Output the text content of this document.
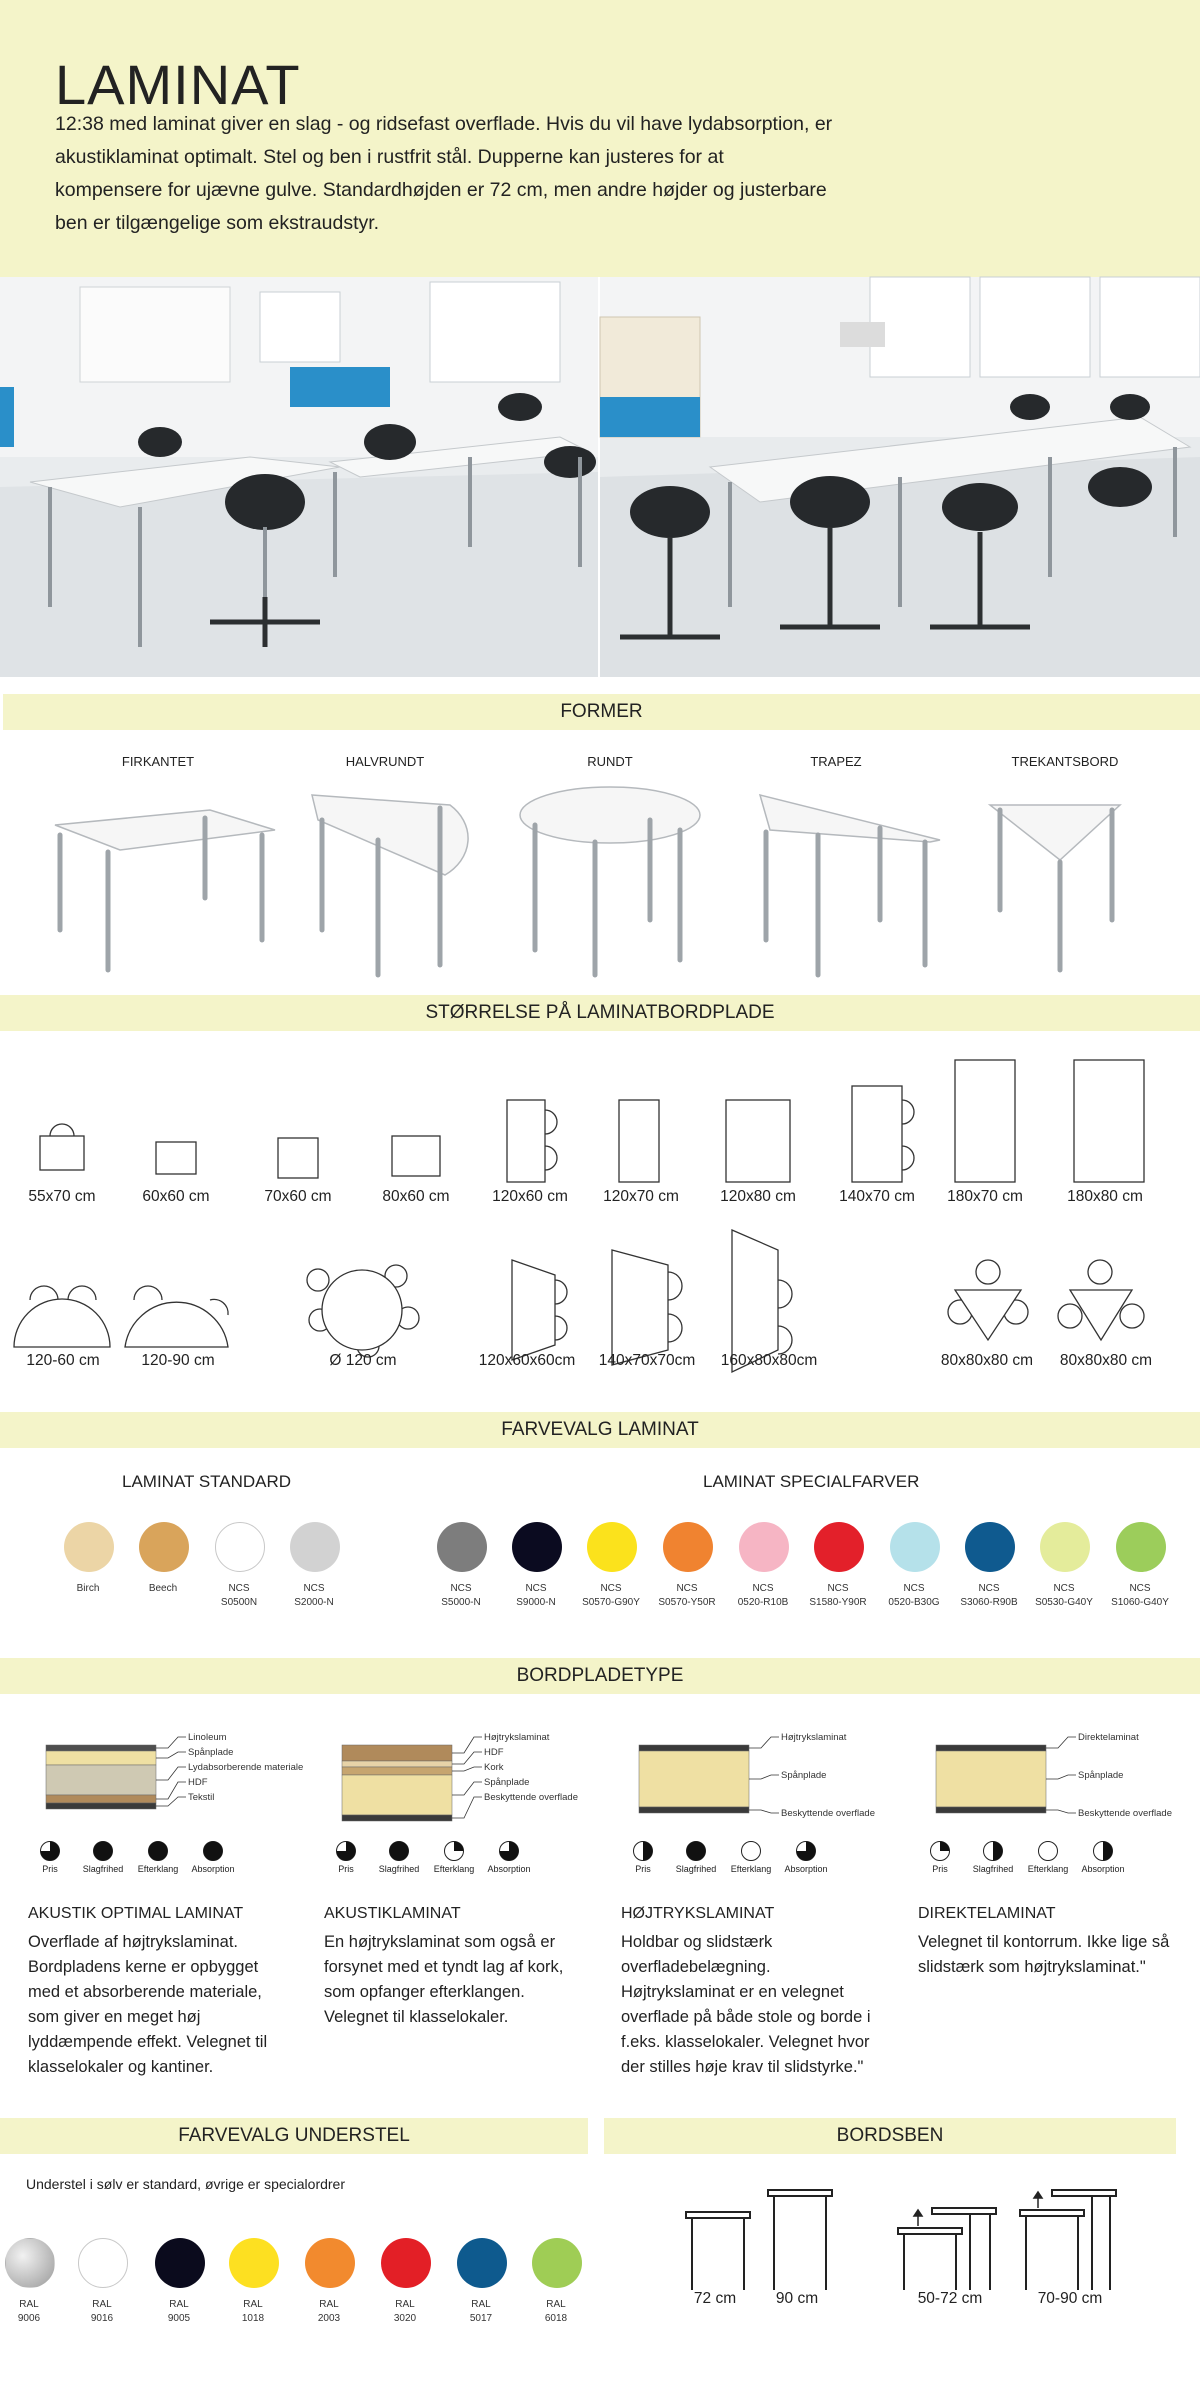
LAMINAT

12:38 med laminat giver en slag - og ridsefast overflade. Hvis du vil have lydabsorption, er akustiklaminat optimalt. Stel og ben i rustfrit stål. Dupperne kan justeres for at kompensere for ujævne gulve. Standardhøjden er 72 cm, men andre højder og justerbare ben er tilgængelige som ekstraudstyr.

FORMER
FIRKANTET	HALVRUNDT	RUNDT	TRAPEZ	TREKANTSBORD
STØRRELSE PÅ LAMINATBORDPLADE
55x70 cm	60x60 cm	70x60 cm	80x60 cm	120x60 cm	120x70 cm	120x80 cm	140x70 cm	180x70 cm	180x80 cm
120-60 cm	120-90 cm	Ø 120 cm	120x60x60cm	140x70x70cm	160x80x80cm	80x80x80 cm 80x80x80 cm
FARVEVALG LAMINAT
LAMINAT STANDARD	LAMINAT SPECIALFARVER
Birch	Beech	NCS
S0500N
NCS
S2000-N
NCS
S5000-N
NCS
S9000-N
NCS
S0570-G90Y
NCS
S0570-Y50R
NCS
0520-R10B
NCS
S1580-Y90R
NCS
0520-B30G
NCS
S3060-R90B
NCS
S0530-G40Y
NCS
S1060-G40Y
BORDPLADETYPE
Linoleum
Spånplade
Lydabsorberende materiale
HDF
Tekstil
Pris	Slagfrihed	Efterklang	Absorption
AKUSTIK OPTIMAL LAMINAT
Overflade af højtrykslaminat. Bordpladens kerne er opbygget med et absorberende materiale, som giver en meget høj lyddæmpende effekt. Velegnet til klasselokaler og kantiner.
Højtrykslaminat
HDF
Kork
Spånplade
Beskyttende overflade
Pris	Slagfrihed	Efterklang	Absorption
AKUSTIKLAMINAT
En højtrykslaminat som også er forsynet med et tyndt lag af kork, som opfanger efterklangen. Velegnet til klasselokaler.
Højtrykslaminat
Spånplade
Beskyttende overflade
Pris	Slagfrihed	Efterklang	Absorption
HØJTRYKSLAMINAT
Holdbar og slidstærk overfladebelægning. Højtrykslaminat er en velegnet overflade på både stole og borde i f.eks. klasselokaler. Velegnet hvor der stilles høje krav til slidstyrke."
Direktelaminat
Spånplade
Beskyttende overflade
Pris	Slagfrihed	Efterklang	Absorption
DIREKTELAMINAT
Velegnet til kontorrum. Ikke lige så slidstærk som højtrykslaminat."
FARVEVALG UNDERSTEL	BORDSBEN
Understel i sølv er standard, øvrige er specialordrer
RAL
9006
RAL
9016
RAL
9005
RAL
1018
RAL
2003
RAL
3020
RAL
5017
RAL
6018
72 cm	90 cm	50-72 cm	70-90 cm
